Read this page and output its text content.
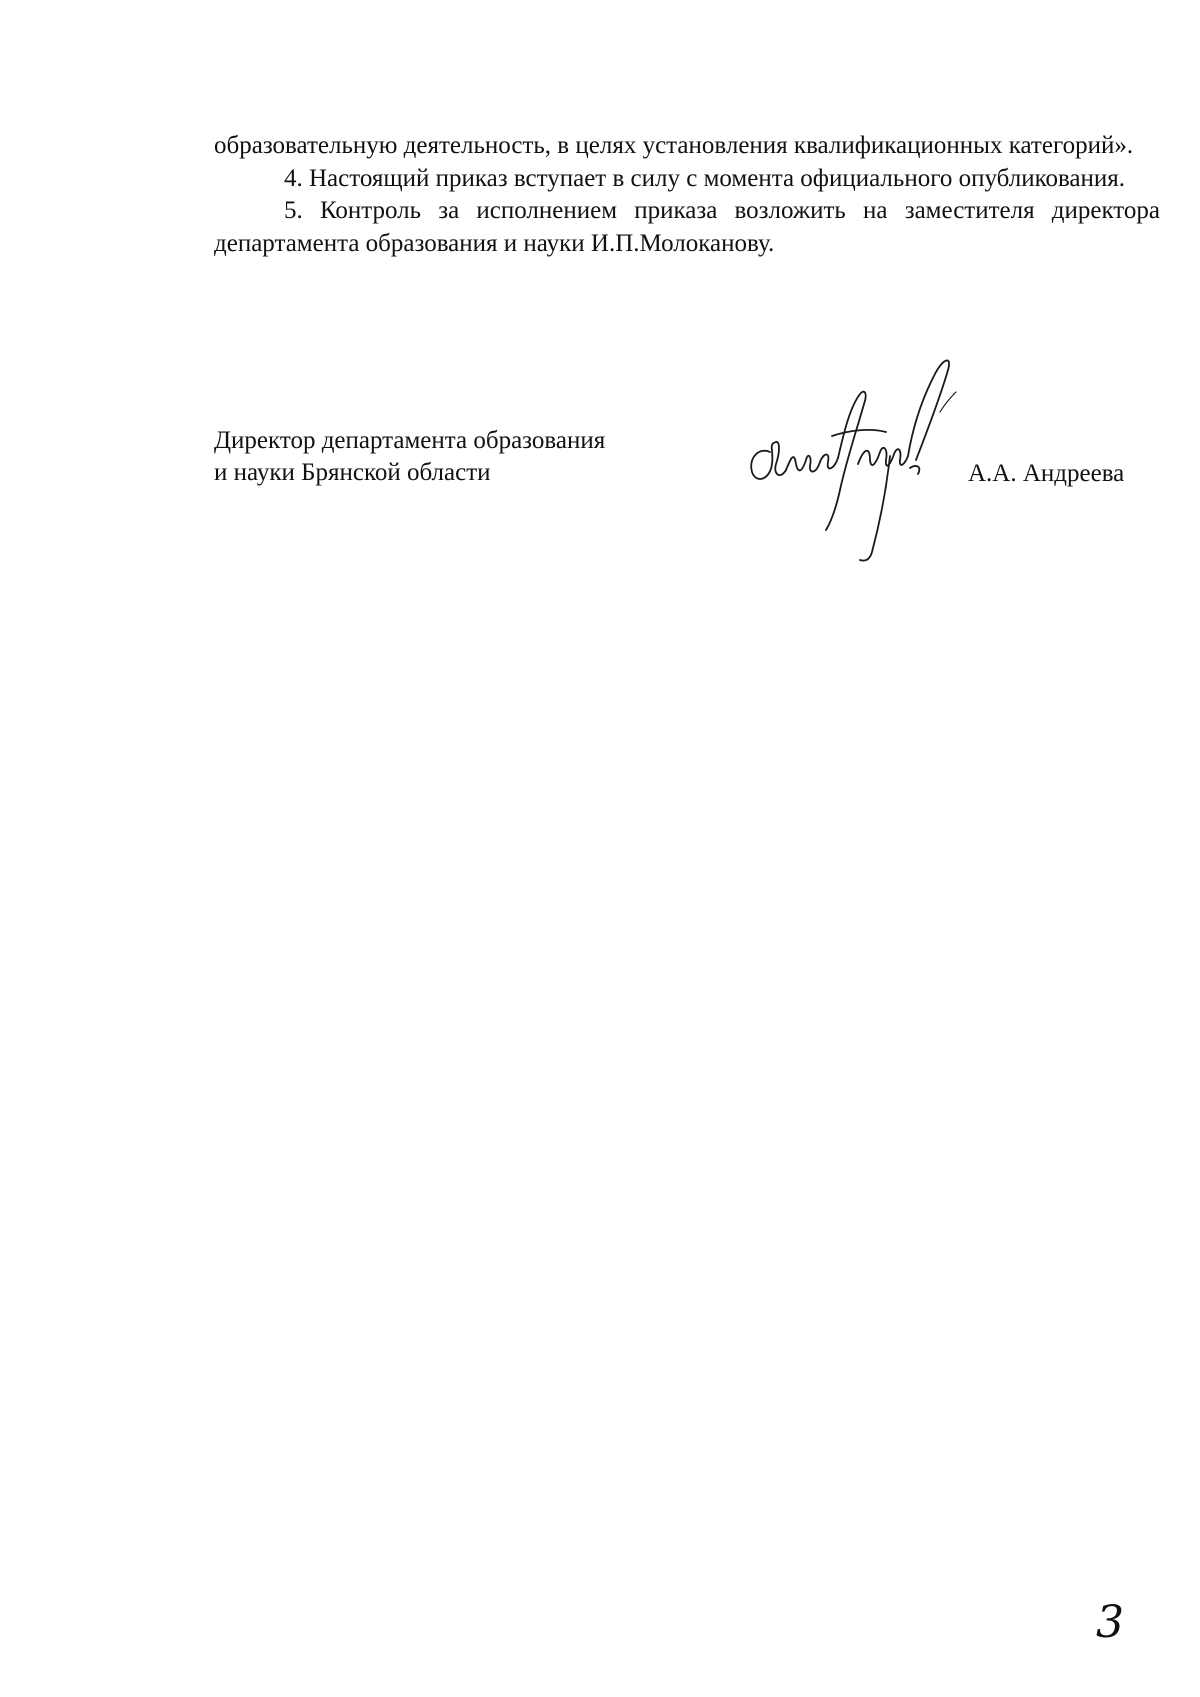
образовательную деятельность, в целях установления квалификационных категорий».

4. Настоящий приказ вступает в силу с момента официального опубликования.

5. Контроль за исполнением приказа возложить на заместителя директора департамента образования и науки И.П.Молоканову.

Директор департамента образования
и науки Брянской области	А.А. Андреева
3
